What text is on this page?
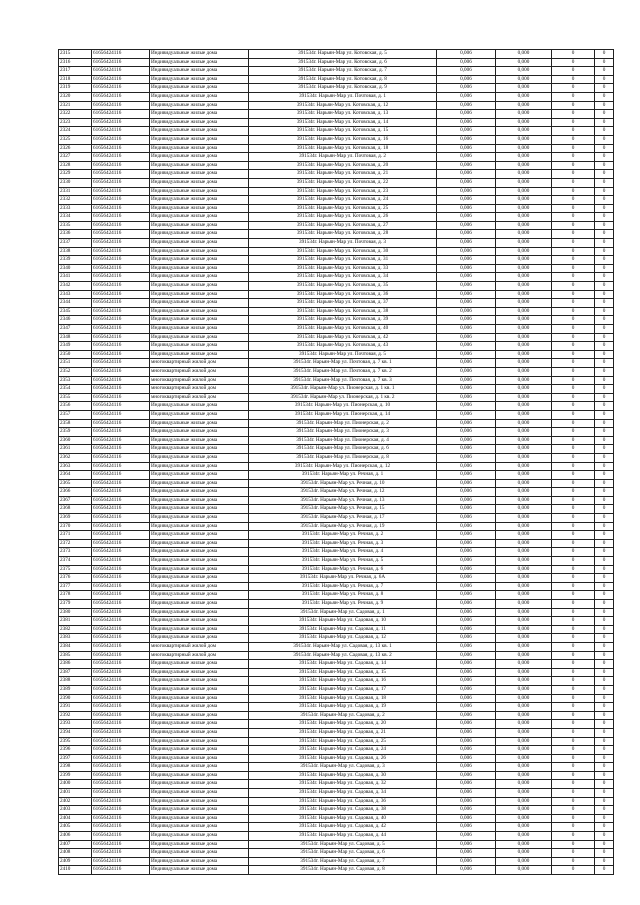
2315	61656424116	Индивидуальные жилые дома	391534г. Нарьян-Мар ул. Котовская, д. 5	0,006	0,000	0	0
2316	61656424116	Индивидуальные жилые дома	391534г. Нарьян-Мар ул. Котовская, д. 6	0,006	0,000	0	0
2317	61656424116	Индивидуальные жилые дома	391534г. Нарьян-Мар ул. Котовская, д. 7	0,006	0,000	0	0
2318	61656424116	Индивидуальные жилые дома	391534г. Нарьян-Мар ул. Котовская, д. 8	0,006	0,000	0	0
2319	61656424116	Индивидуальные жилые дома	391534г. Нарьян-Мар ул. Котовская, д. 9	0,006	0,000	0	0
2320	61656424116	Индивидуальные жилые дома	391534г. Нарьян-Мар ул. Почтовая, д. 1	0,006	0,000	0	0
2321	61656424116	Индивидуальные жилые дома	391534г. Нарьян-Мар ул. Котовская, д. 12	0,006	0,000	0	0
2322	61656424116	Индивидуальные жилые дома	391534г. Нарьян-Мар ул. Котовская, д. 13	0,006	0,000	0	0
2323	61656424116	Индивидуальные жилые дома	391534г. Нарьян-Мар ул. Котовская, д. 14	0,006	0,000	0	0
2324	61656424116	Индивидуальные жилые дома	391534г. Нарьян-Мар ул. Котовская, д. 15	0,006	0,000	0	0
2325	61656424116	Индивидуальные жилые дома	391534г. Нарьян-Мар ул. Котовская, д. 16	0,006	0,000	0	0
2326	61656424116	Индивидуальные жилые дома	391534г. Нарьян-Мар ул. Котовская, д. 18	0,006	0,000	0	0
2327	61656424116	Индивидуальные жилые дома	391534г. Нарьян-Мар ул. Почтовая, д. 2	0,006	0,000	0	0
2328	61656424116	Индивидуальные жилые дома	391534г. Нарьян-Мар ул. Котовская, д. 20	0,006	0,000	0	0
2329	61656424116	Индивидуальные жилые дома	391534г. Нарьян-Мар ул. Котовская, д. 21	0,006	0,000	0	0
2330	61656424116	Индивидуальные жилые дома	391534г. Нарьян-Мар ул. Котовская, д. 22	0,006	0,000	0	0
2331	61656424116	Индивидуальные жилые дома	391534г. Нарьян-Мар ул. Котовская, д. 23	0,006	0,000	0	0
2332	61656424116	Индивидуальные жилые дома	391534г. Нарьян-Мар ул. Котовская, д. 24	0,006	0,000	0	0
2333	61656424116	Индивидуальные жилые дома	391534г. Нарьян-Мар ул. Котовская, д. 25	0,006	0,000	0	0
2334	61656424116	Индивидуальные жилые дома	391534г. Нарьян-Мар ул. Котовская, д. 26	0,006	0,000	0	0
2335	61656424116	Индивидуальные жилые дома	391534г. Нарьян-Мар ул. Котовская, д. 27	0,006	0,000	0	0
2336	61656424116	Индивидуальные жилые дома	391534г. Нарьян-Мар ул. Котовская, д. 28	0,006	0,000	0	0
2337	61656424116	Индивидуальные жилые дома	391534г. Нарьян-Мар ул. Почтовая, д. 3	0,006	0,000	0	0
2338	61656424116	Индивидуальные жилые дома	391534г. Нарьян-Мар ул. Котовская, д. 30	0,006	0,000	0	0
2339	61656424116	Индивидуальные жилые дома	391534г. Нарьян-Мар ул. Котовская, д. 31	0,006	0,000	0	0
2340	61656424116	Индивидуальные жилые дома	391534г. Нарьян-Мар ул. Котовская, д. 33	0,006	0,000	0	0
2341	61656424116	Индивидуальные жилые дома	391534г. Нарьян-Мар ул. Котовская, д. 34	0,006	0,000	0	0
2342	61656424116	Индивидуальные жилые дома	391534г. Нарьян-Мар ул. Котовская, д. 35	0,006	0,000	0	0
2343	61656424116	Индивидуальные жилые дома	391534г. Нарьян-Мар ул. Котовская, д. 36	0,006	0,000	0	0
2344	61656424116	Индивидуальные жилые дома	391534г. Нарьян-Мар ул. Котовская, д. 37	0,006	0,000	0	0
2345	61656424116	Индивидуальные жилые дома	391534г. Нарьян-Мар ул. Котовская, д. 38	0,006	0,000	0	0
2346	61656424116	Индивидуальные жилые дома	391534г. Нарьян-Мар ул. Котовская, д. 39	0,006	0,000	0	0
2347	61656424116	Индивидуальные жилые дома	391534г. Нарьян-Мар ул. Котовская, д. 40	0,006	0,000	0	0
2348	61656424116	Индивидуальные жилые дома	391534г. Нарьян-Мар ул. Котовская, д. 42	0,006	0,000	0	0
2349	61656424116	Индивидуальные жилые дома	391534г. Нарьян-Мар ул. Котовская, д. 43	0,006	0,000	0	0
2350	61656424116	Индивидуальные жилые дома	391534г. Нарьян-Мар ул. Почтовая, д. 5	0,006	0,000	0	0
2351	61656424116	многоквартирный жилой дом	391534г. Нарьян-Мар ул. Почтовая, д. 7 кв. 1	0,006	0,000	0	0
2352	61656424116	многоквартирный жилой дом	391534г. Нарьян-Мар ул. Почтовая, д. 7 кв. 2	0,006	0,000	0	0
2353	61656424116	многоквартирный жилой дом	391534г. Нарьян-Мар ул. Почтовая, д. 7 кв. 3	0,006	0,000	0	0
2354	61656424116	многоквартирный жилой дом	391534г. Нарьян-Мар ул. Пионерская, д. 1 кв. 1	0,006	0,000	0	0
2355	61656424116	многоквартирный жилой дом	391534г. Нарьян-Мар ул. Пионерская, д. 1 кв. 2	0,006	0,000	0	0
2356	61656424116	Индивидуальные жилые дома	391534г. Нарьян-Мар ул. Пионерская, д. 10	0,006	0,000	0	0
2357	61656424116	Индивидуальные жилые дома	391534г. Нарьян-Мар ул. Пионерская, д. 14	0,006	0,000	0	0
2358	61656424116	Индивидуальные жилые дома	391534г. Нарьян-Мар ул. Пионерская, д. 2	0,006	0,000	0	0
2359	61656424116	Индивидуальные жилые дома	391534г. Нарьян-Мар ул. Пионерская, д. 3	0,006	0,000	0	0
2360	61656424116	Индивидуальные жилые дома	391534г. Нарьян-Мар ул. Пионерская, д. 4	0,006	0,000	0	0
2361	61656424116	Индивидуальные жилые дома	391534г. Нарьян-Мар ул. Пионерская, д. 6	0,006	0,000	0	0
2362	61656424116	Индивидуальные жилые дома	391534г. Нарьян-Мар ул. Пионерская, д. 8	0,006	0,000	0	0
2363	61656424116	Индивидуальные жилые дома	391534г. Нарьян-Мар ул. Пионерская, д. 12	0,006	0,000	0	0
2364	61656424116	Индивидуальные жилые дома	391534г. Нарьян-Мар ул. Речная, д. 1	0,006	0,000	0	0
2365	61656424116	Индивидуальные жилые дома	391534г. Нарьян-Мар ул. Речная, д. 10	0,006	0,000	0	0
2366	61656424116	Индивидуальные жилые дома	391534г. Нарьян-Мар ул. Речная, д. 12	0,006	0,000	0	0
2367	61656424116	Индивидуальные жилые дома	391534г. Нарьян-Мар ул. Речная, д. 13	0,006	0,000	0	0
2368	61656424116	Индивидуальные жилые дома	391534г. Нарьян-Мар ул. Речная, д. 15	0,006	0,000	0	0
2369	61656424116	Индивидуальные жилые дома	391534г. Нарьян-Мар ул. Речная, д. 17	0,006	0,000	0	0
2370	61656424116	Индивидуальные жилые дома	391534г. Нарьян-Мар ул. Речная, д. 19	0,006	0,000	0	0
2371	61656424116	Индивидуальные жилые дома	391534г. Нарьян-Мар ул. Речная, д. 2	0,006	0,000	0	0
2372	61656424116	Индивидуальные жилые дома	391534г. Нарьян-Мар ул. Речная, д. 3	0,006	0,000	0	0
2373	61656424116	Индивидуальные жилые дома	391534г. Нарьян-Мар ул. Речная, д. 4	0,006	0,000	0	0
2374	61656424116	Индивидуальные жилые дома	391534г. Нарьян-Мар ул. Речная, д. 5	0,006	0,000	0	0
2375	61656424116	Индивидуальные жилые дома	391534г. Нарьян-Мар ул. Речная, д. 6	0,006	0,000	0	0
2376	61656424116	Индивидуальные жилые дома	391534г. Нарьян-Мар ул. Речная, д. 6А	0,006	0,000	0	0
2377	61656424116	Индивидуальные жилые дома	391534г. Нарьян-Мар ул. Речная, д. 7	0,006	0,000	0	0
2378	61656424116	Индивидуальные жилые дома	391534г. Нарьян-Мар ул. Речная, д. 8	0,006	0,000	0	0
2379	61656424116	Индивидуальные жилые дома	391534г. Нарьян-Мар ул. Речная, д. 9	0,006	0,000	0	0
2380	61656424116	Индивидуальные жилые дома	391534г. Нарьян-Мар ул. Садовая, д. 1	0,006	0,000	0	0
2381	61656424116	Индивидуальные жилые дома	391534г. Нарьян-Мар ул. Садовая, д. 10	0,006	0,000	0	0
2382	61656424116	Индивидуальные жилые дома	391534г. Нарьян-Мар ул. Садовая, д. 11	0,006	0,000	0	0
2383	61656424116	Индивидуальные жилые дома	391534г. Нарьян-Мар ул. Садовая, д. 12	0,006	0,000	0	0
2384	61656424116	многоквартирный жилой дом	391534г. Нарьян-Мар ул. Садовая, д. 13 кв. 1	0,006	0,000	0	0
2385	61656424116	многоквартирный жилой дом	391534г. Нарьян-Мар ул. Садовая, д. 13 кв. 2	0,006	0,000	0	0
2386	61656424116	Индивидуальные жилые дома	391534г. Нарьян-Мар ул. Садовая, д. 14	0,006	0,000	0	0
2387	61656424116	Индивидуальные жилые дома	391534г. Нарьян-Мар ул. Садовая, д. 15	0,006	0,000	0	0
2388	61656424116	Индивидуальные жилые дома	391534г. Нарьян-Мар ул. Садовая, д. 16	0,006	0,000	0	0
2389	61656424116	Индивидуальные жилые дома	391534г. Нарьян-Мар ул. Садовая, д. 17	0,006	0,000	0	0
2390	61656424116	Индивидуальные жилые дома	391534г. Нарьян-Мар ул. Садовая, д. 18	0,006	0,000	0	0
2391	61656424116	Индивидуальные жилые дома	391534г. Нарьян-Мар ул. Садовая, д. 19	0,006	0,000	0	0
2392	61656424116	Индивидуальные жилые дома	391534г. Нарьян-Мар ул. Садовая, д. 2	0,006	0,000	0	0
2393	61656424116	Индивидуальные жилые дома	391534г. Нарьян-Мар ул. Садовая, д. 20	0,006	0,000	0	0
2394	61656424116	Индивидуальные жилые дома	391534г. Нарьян-Мар ул. Садовая, д. 21	0,006	0,000	0	0
2395	61656424116	Индивидуальные жилые дома	391534г. Нарьян-Мар ул. Садовая, д. 25	0,006	0,000	0	0
2396	61656424116	Индивидуальные жилые дома	391534г. Нарьян-Мар ул. Садовая, д. 24	0,006	0,000	0	0
2397	61656424116	Индивидуальные жилые дома	391534г. Нарьян-Мар ул. Садовая, д. 26	0,006	0,000	0	0
2398	61656424116	Индивидуальные жилые дома	391534г. Нарьян-Мар ул. Садовая, д. 3	0,006	0,000	0	0
2399	61656424116	Индивидуальные жилые дома	391534г. Нарьян-Мар ул. Садовая, д. 30	0,006	0,000	0	0
2400	61656424116	Индивидуальные жилые дома	391534г. Нарьян-Мар ул. Садовая, д. 32	0,006	0,000	0	0
2401	61656424116	Индивидуальные жилые дома	391534г. Нарьян-Мар ул. Садовая, д. 34	0,006	0,000	0	0
2402	61656424116	Индивидуальные жилые дома	391534г. Нарьян-Мар ул. Садовая, д. 36	0,006	0,000	0	0
2403	61656424116	Индивидуальные жилые дома	391534г. Нарьян-Мар ул. Садовая, д. 38	0,006	0,000	0	0
2404	61656424116	Индивидуальные жилые дома	391534г. Нарьян-Мар ул. Садовая, д. 40	0,006	0,000	0	0
2405	61656424116	Индивидуальные жилые дома	391534г. Нарьян-Мар ул. Садовая, д. 42	0,006	0,000	0	0
2406	61656424116	Индивидуальные жилые дома	391534г. Нарьян-Мар ул. Садовая, д. 44	0,006	0,000	0	0
2407	61656424116	Индивидуальные жилые дома	391534г. Нарьян-Мар ул. Садовая, д. 5	0,006	0,000	0	0
2408	61656424116	Индивидуальные жилые дома	391534г. Нарьян-Мар ул. Садовая, д. 6	0,006	0,000	0	0
2409	61656424116	Индивидуальные жилые дома	391534г. Нарьян-Мар ул. Садовая, д. 7	0,006	0,000	0	0
2410	61656424116	Индивидуальные жилые дома	391534г. Нарьян-Мар ул. Садовая, д. 8	0,006	0,000	0	0
